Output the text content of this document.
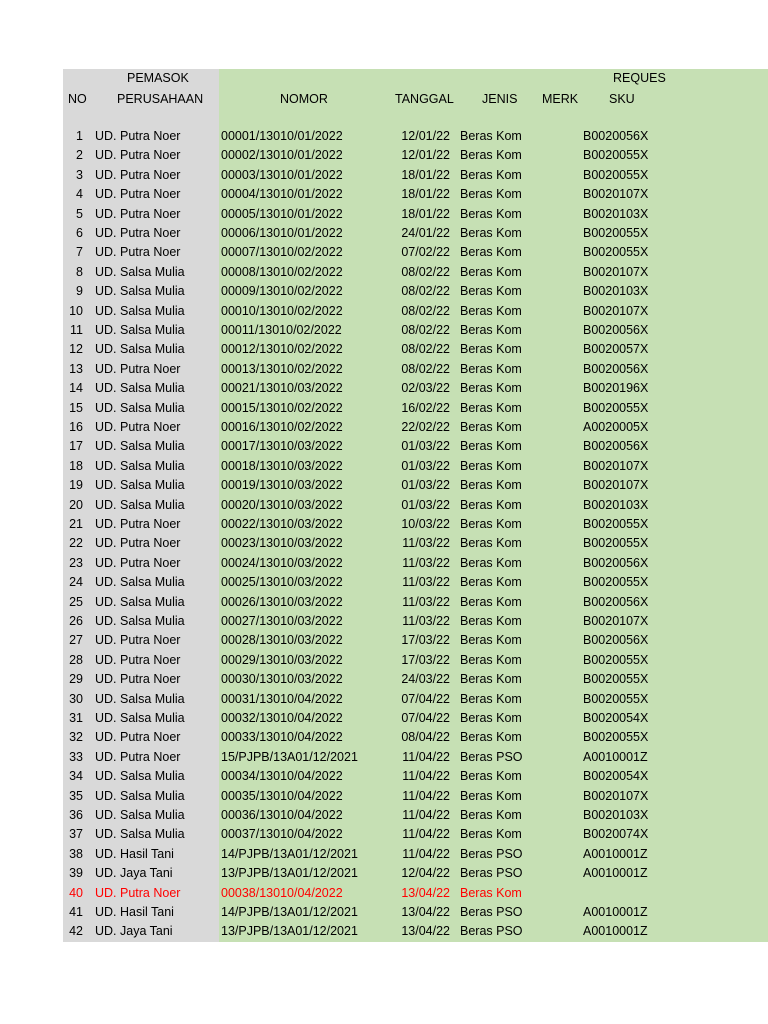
PEMASOK	REQUES
NO PERUSAHAAN	NOMOR	TANGGAL JENIS MERK SKU
1 UD. Putra Noer	00001/13010/01/2022	12/01/22 Beras Kom	B0020056X
2 UD. Putra Noer	00002/13010/01/2022	12/01/22 Beras Kom	B0020055X
3 UD. Putra Noer	00003/13010/01/2022	18/01/22 Beras Kom	B0020055X
4 UD. Putra Noer	00004/13010/01/2022	18/01/22 Beras Kom	B0020107X
5 UD. Putra Noer	00005/13010/01/2022	18/01/22 Beras Kom	B0020103X
6 UD. Putra Noer	00006/13010/01/2022	24/01/22 Beras Kom	B0020055X
7 UD. Putra Noer	00007/13010/02/2022	07/02/22 Beras Kom	B0020055X
8 UD. Salsa Mulia	00008/13010/02/2022	08/02/22 Beras Kom	B0020107X
9 UD. Salsa Mulia	00009/13010/02/2022	08/02/22 Beras Kom	B0020103X
10 UD. Salsa Mulia	00010/13010/02/2022	08/02/22 Beras Kom	B0020107X
11 UD. Salsa Mulia	00011/13010/02/2022	08/02/22 Beras Kom	B0020056X
12 UD. Salsa Mulia	00012/13010/02/2022	08/02/22 Beras Kom	B0020057X
13 UD. Putra Noer	00013/13010/02/2022	08/02/22 Beras Kom	B0020056X
14 UD. Salsa Mulia	00021/13010/03/2022	02/03/22 Beras Kom	B0020196X
15 UD. Salsa Mulia	00015/13010/02/2022	16/02/22 Beras Kom	B0020055X
16 UD. Putra Noer	00016/13010/02/2022	22/02/22 Beras Kom	A0020005X
17 UD. Salsa Mulia	00017/13010/03/2022	01/03/22 Beras Kom	B0020056X
18 UD. Salsa Mulia	00018/13010/03/2022	01/03/22 Beras Kom	B0020107X
19 UD. Salsa Mulia	00019/13010/03/2022	01/03/22 Beras Kom	B0020107X
20 UD. Salsa Mulia	00020/13010/03/2022	01/03/22 Beras Kom	B0020103X
21 UD. Putra Noer	00022/13010/03/2022	10/03/22 Beras Kom	B0020055X
22 UD. Putra Noer	00023/13010/03/2022	11/03/22 Beras Kom	B0020055X
23 UD. Putra Noer	00024/13010/03/2022	11/03/22 Beras Kom	B0020056X
24 UD. Salsa Mulia	00025/13010/03/2022	11/03/22 Beras Kom	B0020055X
25 UD. Salsa Mulia	00026/13010/03/2022	11/03/22 Beras Kom	B0020056X
26 UD. Salsa Mulia	00027/13010/03/2022	11/03/22 Beras Kom	B0020107X
27 UD. Putra Noer	00028/13010/03/2022	17/03/22 Beras Kom	B0020056X
28 UD. Putra Noer	00029/13010/03/2022	17/03/22 Beras Kom	B0020055X
29 UD. Putra Noer	00030/13010/03/2022	24/03/22 Beras Kom	B0020055X
30 UD. Salsa Mulia	00031/13010/04/2022	07/04/22 Beras Kom	B0020055X
31 UD. Salsa Mulia	00032/13010/04/2022	07/04/22 Beras Kom	B0020054X
32 UD. Putra Noer	00033/13010/04/2022	08/04/22 Beras Kom	B0020055X
33 UD. Putra Noer	15/PJPB/13A01/12/2021	11/04/22 Beras PSO	A0010001Z
34 UD. Salsa Mulia	00034/13010/04/2022	11/04/22 Beras Kom	B0020054X
35 UD. Salsa Mulia	00035/13010/04/2022	11/04/22 Beras Kom	B0020107X
36 UD. Salsa Mulia	00036/13010/04/2022	11/04/22 Beras Kom	B0020103X
37 UD. Salsa Mulia	00037/13010/04/2022	11/04/22 Beras Kom	B0020074X
38 UD. Hasil Tani	14/PJPB/13A01/12/2021	11/04/22 Beras PSO	A0010001Z
39 UD. Jaya Tani	13/PJPB/13A01/12/2021	12/04/22 Beras PSO	A0010001Z
40 UD. Putra Noer	00038/13010/04/2022	13/04/22 Beras Kom
41 UD. Hasil Tani	14/PJPB/13A01/12/2021	13/04/22 Beras PSO	A0010001Z
42 UD. Jaya Tani	13/PJPB/13A01/12/2021	13/04/22 Beras PSO	A0010001Z
